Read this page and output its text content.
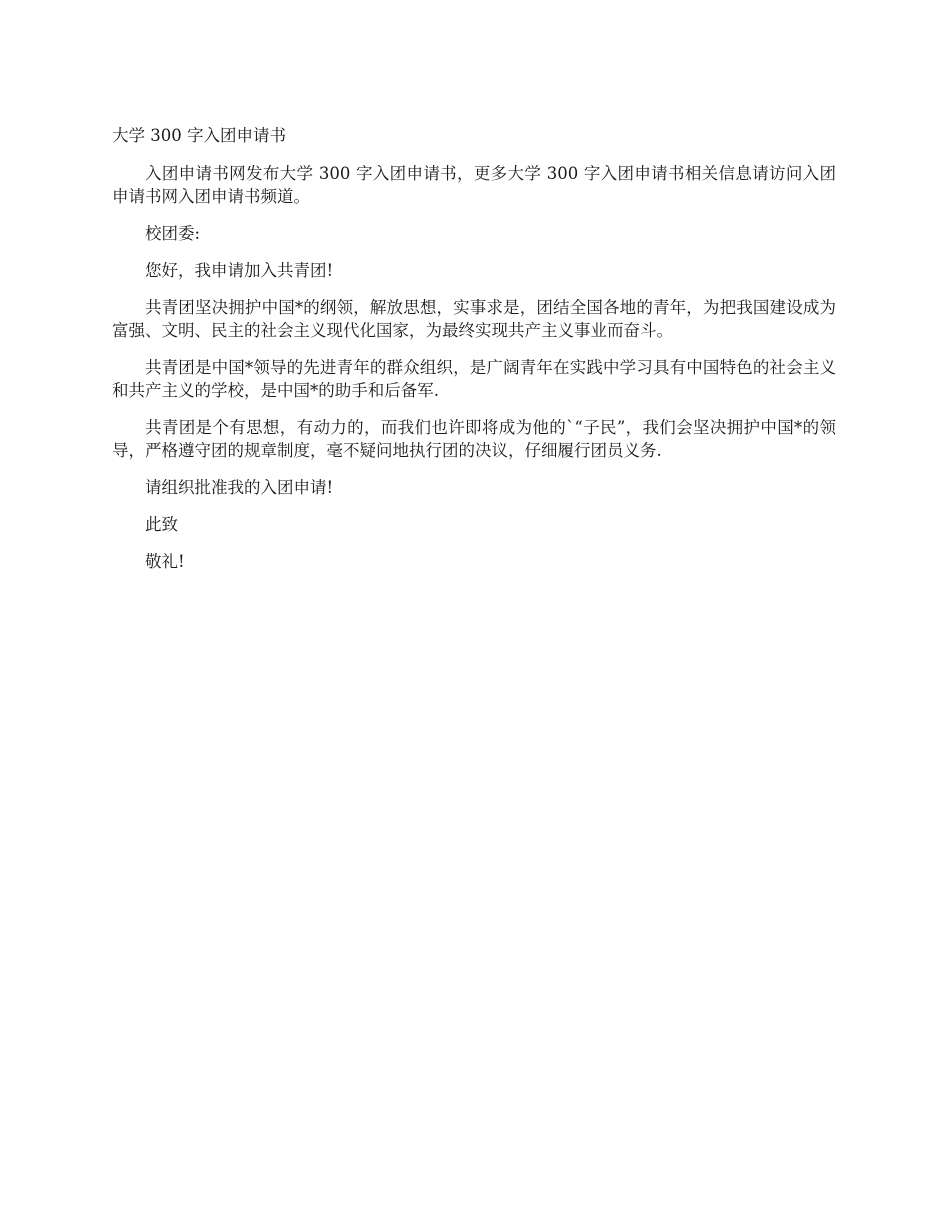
大学 300 字入团申请书

入团申请书网发布大学 300 字入团申请书，更多大学 300 字入团申请书相关信息请访问入团申请书网入团申请书频道。

校团委:

您好，我申请加入共青团!

共青团坚决拥护中国*的纲领，解放思想，实事求是，团结全国各地的青年，为把我国建设成为富强、文明、民主的社会主义现代化国家，为最终实现共产主义事业而奋斗。

共青团是中国*领导的先进青年的群众组织，是广阔青年在实践中学习具有中国特色的社会主义和共产主义的学校，是中国*的助手和后备军.

共青团是个有思想，有动力的，而我们也许即将成为他的`“子民”，我们会坚决拥护中国*的领导，严格遵守团的规章制度，毫不疑问地执行团的决议，仔细履行团员义务.

请组织批准我的入团申请!

此致

敬礼!
